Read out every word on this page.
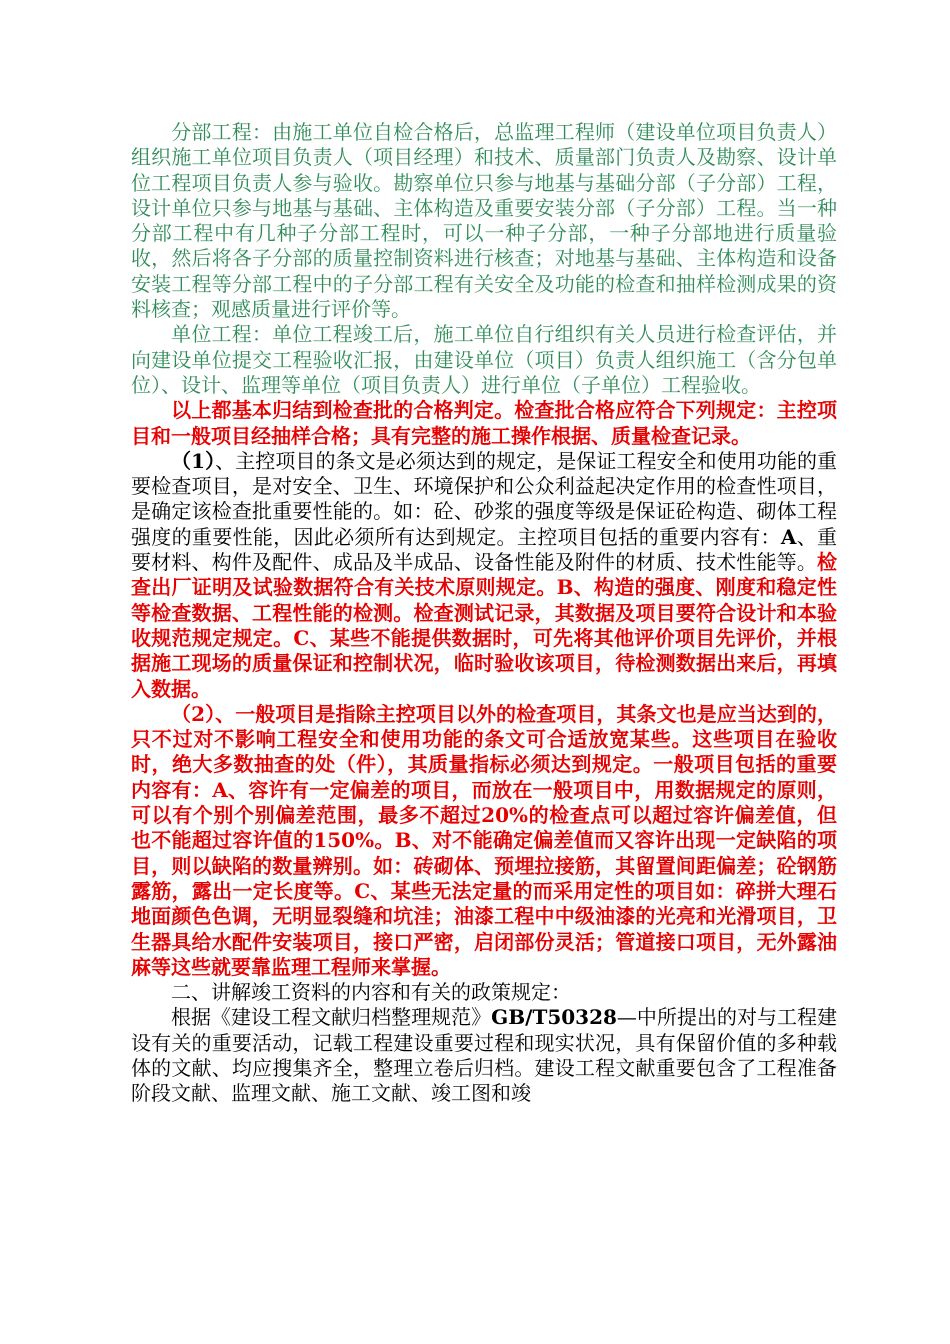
分部工程：由施工单位自检合格后，总监理工程师（建设单位项目负责人）组织施工单位项目负责人（项目经理）和技术、质量部门负责人及勘察、设计单位工程项目负责人参与验收。勘察单位只参与地基与基础分部（子分部）工程，设计单位只参与地基与基础、主体构造及重要安装分部（子分部）工程。当一种分部工程中有几种子分部工程时，可以一种子分部，一种子分部地进行质量验收，然后将各子分部的质量控制资料进行核查；对地基与基础、主体构造和设备安装工程等分部工程中的子分部工程有关安全及功能的检查和抽样检测成果的资料核查；观感质量进行评价等。

单位工程：单位工程竣工后，施工单位自行组织有关人员进行检查评估，并向建设单位提交工程验收汇报，由建设单位（项目）负责人组织施工（含分包单位）、设计、监理等单位（项目负责人）进行单位（子单位）工程验收。

以上都基本归结到检查批的合格判定。检查批合格应符合下列规定：主控项目和一般项目经抽样合格；具有完整的施工操作根据、质量检查记录。

（1）、主控项目的条文是必须达到的规定，是保证工程安全和使用功能的重要检查项目，是对安全、卫生、环境保护和公众利益起决定作用的检查性项目，是确定该检查批重要性能的。如：砼、砂浆的强度等级是保证砼构造、砌体工程强度的重要性能，因此必须所有达到规定。主控项目包括的重要内容有：A、重要材料、构件及配件、成品及半成品、设备性能及附件的材质、技术性能等。检查出厂证明及试验数据符合有关技术原则规定。B、构造的强度、刚度和稳定性等检查数据、工程性能的检测。检查测试记录，其数据及项目要符合设计和本验收规范规定规定。C、某些不能提供数据时，可先将其他评价项目先评价，并根据施工现场的质量保证和控制状况，临时验收该项目，待检测数据出来后，再填入数据。

（2）、一般项目是指除主控项目以外的检查项目，其条文也是应当达到的，只不过对不影响工程安全和使用功能的条文可合适放宽某些。这些项目在验收时，绝大多数抽查的处（件），其质量指标必须达到规定。一般项目包括的重要内容有：A、容许有一定偏差的项目，而放在一般项目中，用数据规定的原则，可以有个别个别偏差范围，最多不超过20%的检查点可以超过容许偏差值，但也不能超过容许值的150%。B、对不能确定偏差值而又容许出现一定缺陷的项目，则以缺陷的数量辨别。如：砖砌体、预埋拉接筋，其留置间距偏差；砼钢筋露筋，露出一定长度等。C、某些无法定量的而采用定性的项目如：碎拼大理石地面颜色色调，无明显裂缝和坑洼；油漆工程中中级油漆的光亮和光滑项目，卫生器具给水配件安装项目，接口严密，启闭部份灵活；管道接口项目，无外露油麻等这些就要靠监理工程师来掌握。

二、讲解竣工资料的内容和有关的政策规定：

根据《建设工程文献归档整理规范》GB/T50328—中所提出的对与工程建设有关的重要活动，记载工程建设重要过程和现实状况，具有保留价值的多种载体的文献、均应搜集齐全，整理立卷后归档。建设工程文献重要包含了工程准备阶段文献、监理文献、施工文献、竣工图和竣
